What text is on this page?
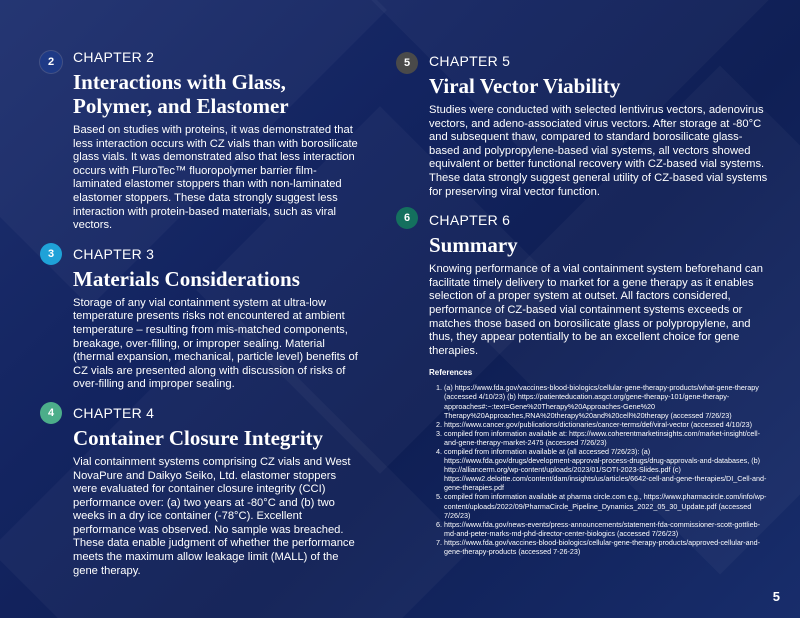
2	CHAPTER 2

Interactions with Glass, Polymer, and Elastomer

Based on studies with proteins, it was demonstrated that less interaction occurs with CZ vials than with borosilicate glass vials. It was demonstrated also that less interaction occurs with FluroTec™ fluoropolymer barrier film-laminated elastomer stoppers than with non-laminated elastomer stoppers. These data strongly suggest less interaction with protein-based materials, such as viral vectors.

3	CHAPTER 3

Materials Considerations

Storage of any vial containment system at ultra-low temperature presents risks not encountered at ambient temperature – resulting from mis-matched components, breakage, over-filling, or improper sealing. Material (thermal expansion, mechanical, particle level) benefits of CZ vials are presented along with discussion of risks of over-filling and improper sealing.

4	CHAPTER 4

Container Closure Integrity

Vial containment systems comprising CZ vials and West NovaPure and Daikyo Seiko, Ltd. elastomer stoppers were evaluated for container closure integrity (CCI) performance over: (a) two years at -80°C and (b) two weeks in a dry ice container (-78°C). Excellent performance was observed. No sample was breached. These data enable judgment of whether the performance meets the maximum allow leakage limit (MALL) of the gene therapy.

5	CHAPTER 5

Viral Vector Viability

Studies were conducted with selected lentivirus vectors, adenovirus vectors, and adeno-associated virus vectors. After storage at -80°C and subsequent thaw, compared to standard borosilicate glass-based and polypropylene-based vial systems, all vectors showed equivalent or better functional recovery with CZ-based vial systems. These data strongly suggest general utility of CZ-based vial systems for preserving viral vector function.

6	CHAPTER 6

Summary

Knowing performance of a vial containment system beforehand can facilitate timely delivery to market for a gene therapy as it enables selection of a proper system at outset. All factors considered, performance of CZ-based vial containment systems exceeds or matches those based on borosilicate glass or polypropylene, and thus, they appear potentially to be an excellent choice for gene therapies.

References

1. (a) https://www.fda.gov/vaccines-blood-biologics/cellular-gene-therapy-products/what-gene-therapy (accessed 4/10/23) (b) https://patienteducation.asgct.org/gene-therapy-101/gene-therapy-approaches#:~:text=Gene%20Therapy%20Approaches-Gene%20 Therapy%20Approaches,RNA%20therapy%20and%20cell%20therapy (accessed 7/26/23)
2. https://www.cancer.gov/publications/dictionaries/cancer-terms/def/viral-vector (accessed 4/10/23)
3. compiled from information available at: https://www.coherentmarketinsights.com/market-insight/cell-and-gene-therapy-market-2475 (accessed 7/26/23)
4. compiled from information available at (all accessed 7/26/23): (a) https://www.fda.gov/drugs/development-approval-process-drugs/drug-approvals-and-databases, (b) http://alliancerm.org/wp-content/uploads/2023/01/SOTI-2023-Slides.pdf (c) https://www2.deloitte.com/content/dam/insights/us/articles/6642-cell-and-gene-therapies/DI_Cell-and-gene-therapies.pdf
5. compiled from information available at pharma circle.com e.g., https://www.pharmacircle.com/info/wp-content/uploads/2022/09/PharmaCircle_Pipeline_Dynamics_2022_05_30_Update.pdf (accessed 7/26/23)
6. https://www.fda.gov/news-events/press-announcements/statement-fda-commissioner-scott-gottlieb-md-and-peter-marks-md-phd-director-center-biologics (accessed 7/26/23)
7. https://www.fda.gov/vaccines-blood-biologics/cellular-gene-therapy-products/approved-cellular-and-gene-therapy-products (accessed 7-26-23)
5
